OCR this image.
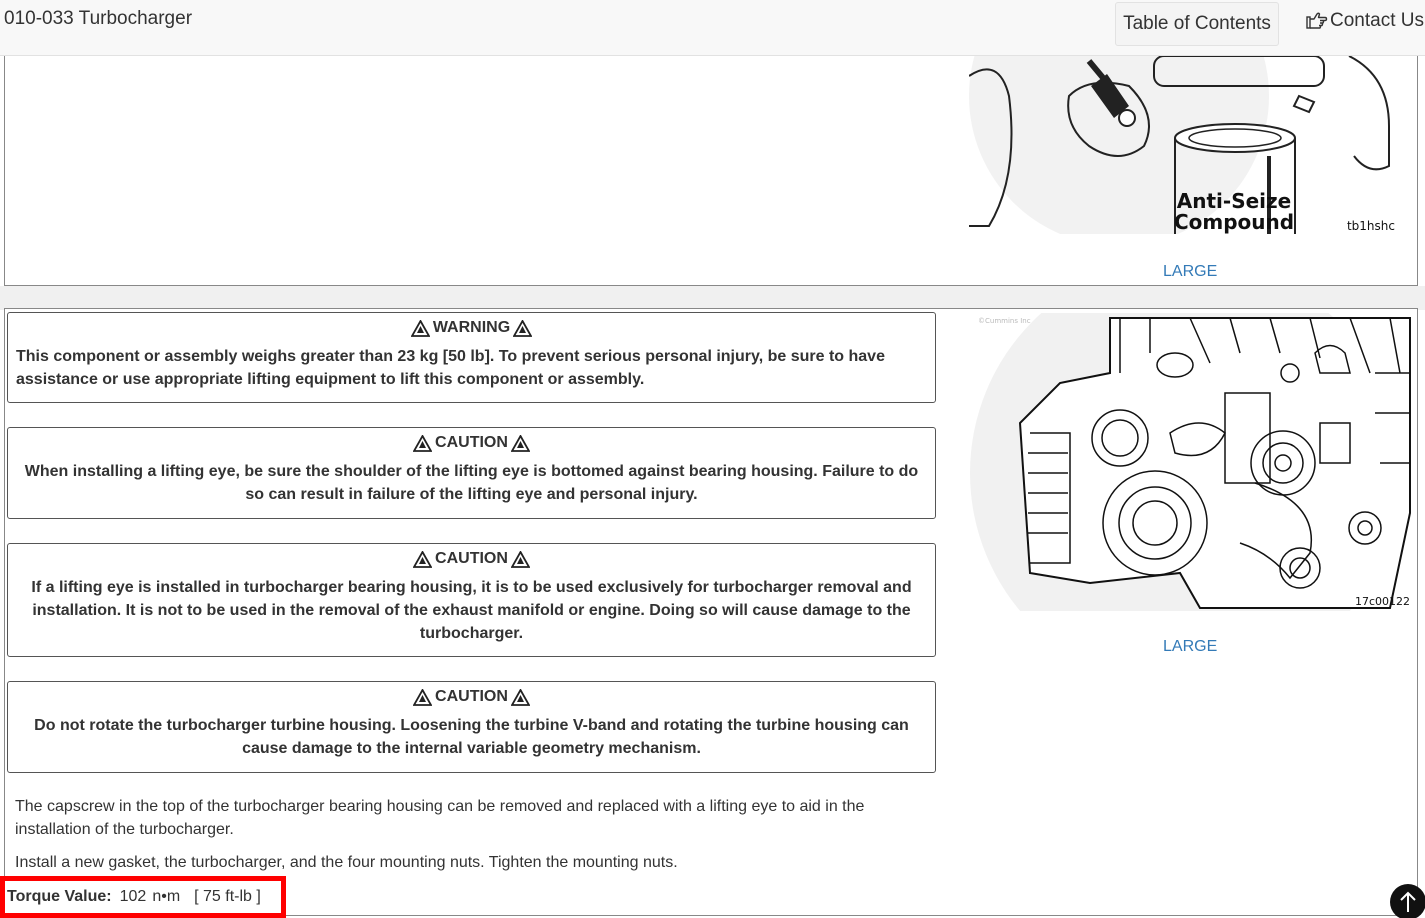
010-033 Turbocharger	Table of Contents	Contact Us
Anti-Seize
Compound	tb1hshc
LARGE
WARNING
This component or assembly weighs greater than 23 kg [50 lb]. To prevent serious personal injury, be sure to have assistance or use appropriate lifting equipment to lift this component or assembly.
CAUTION
When installing a lifting eye, be sure the shoulder of the lifting eye is bottomed against bearing housing. Failure to do so can result in failure of the lifting eye and personal injury.
CAUTION
If a lifting eye is installed in turbocharger bearing housing, it is to be used exclusively for turbocharger removal and installation. It is not to be used in the removal of the exhaust manifold or engine. Doing so will cause damage to the turbocharger.
CAUTION
Do not rotate the turbocharger turbine housing. Loosening the turbine V-band and rotating the turbine housing can cause damage to the internal variable geometry mechanism.

The capscrew in the top of the turbocharger bearing housing can be removed and replaced with a lifting eye to aid in the installation of the turbocharger.

Install a new gasket, the turbocharger, and the four mounting nuts. Tighten the mounting nuts.

©Cummins Inc
17c00122
LARGE
Torque Value: 102 n•m [ 75 ft-lb ]
